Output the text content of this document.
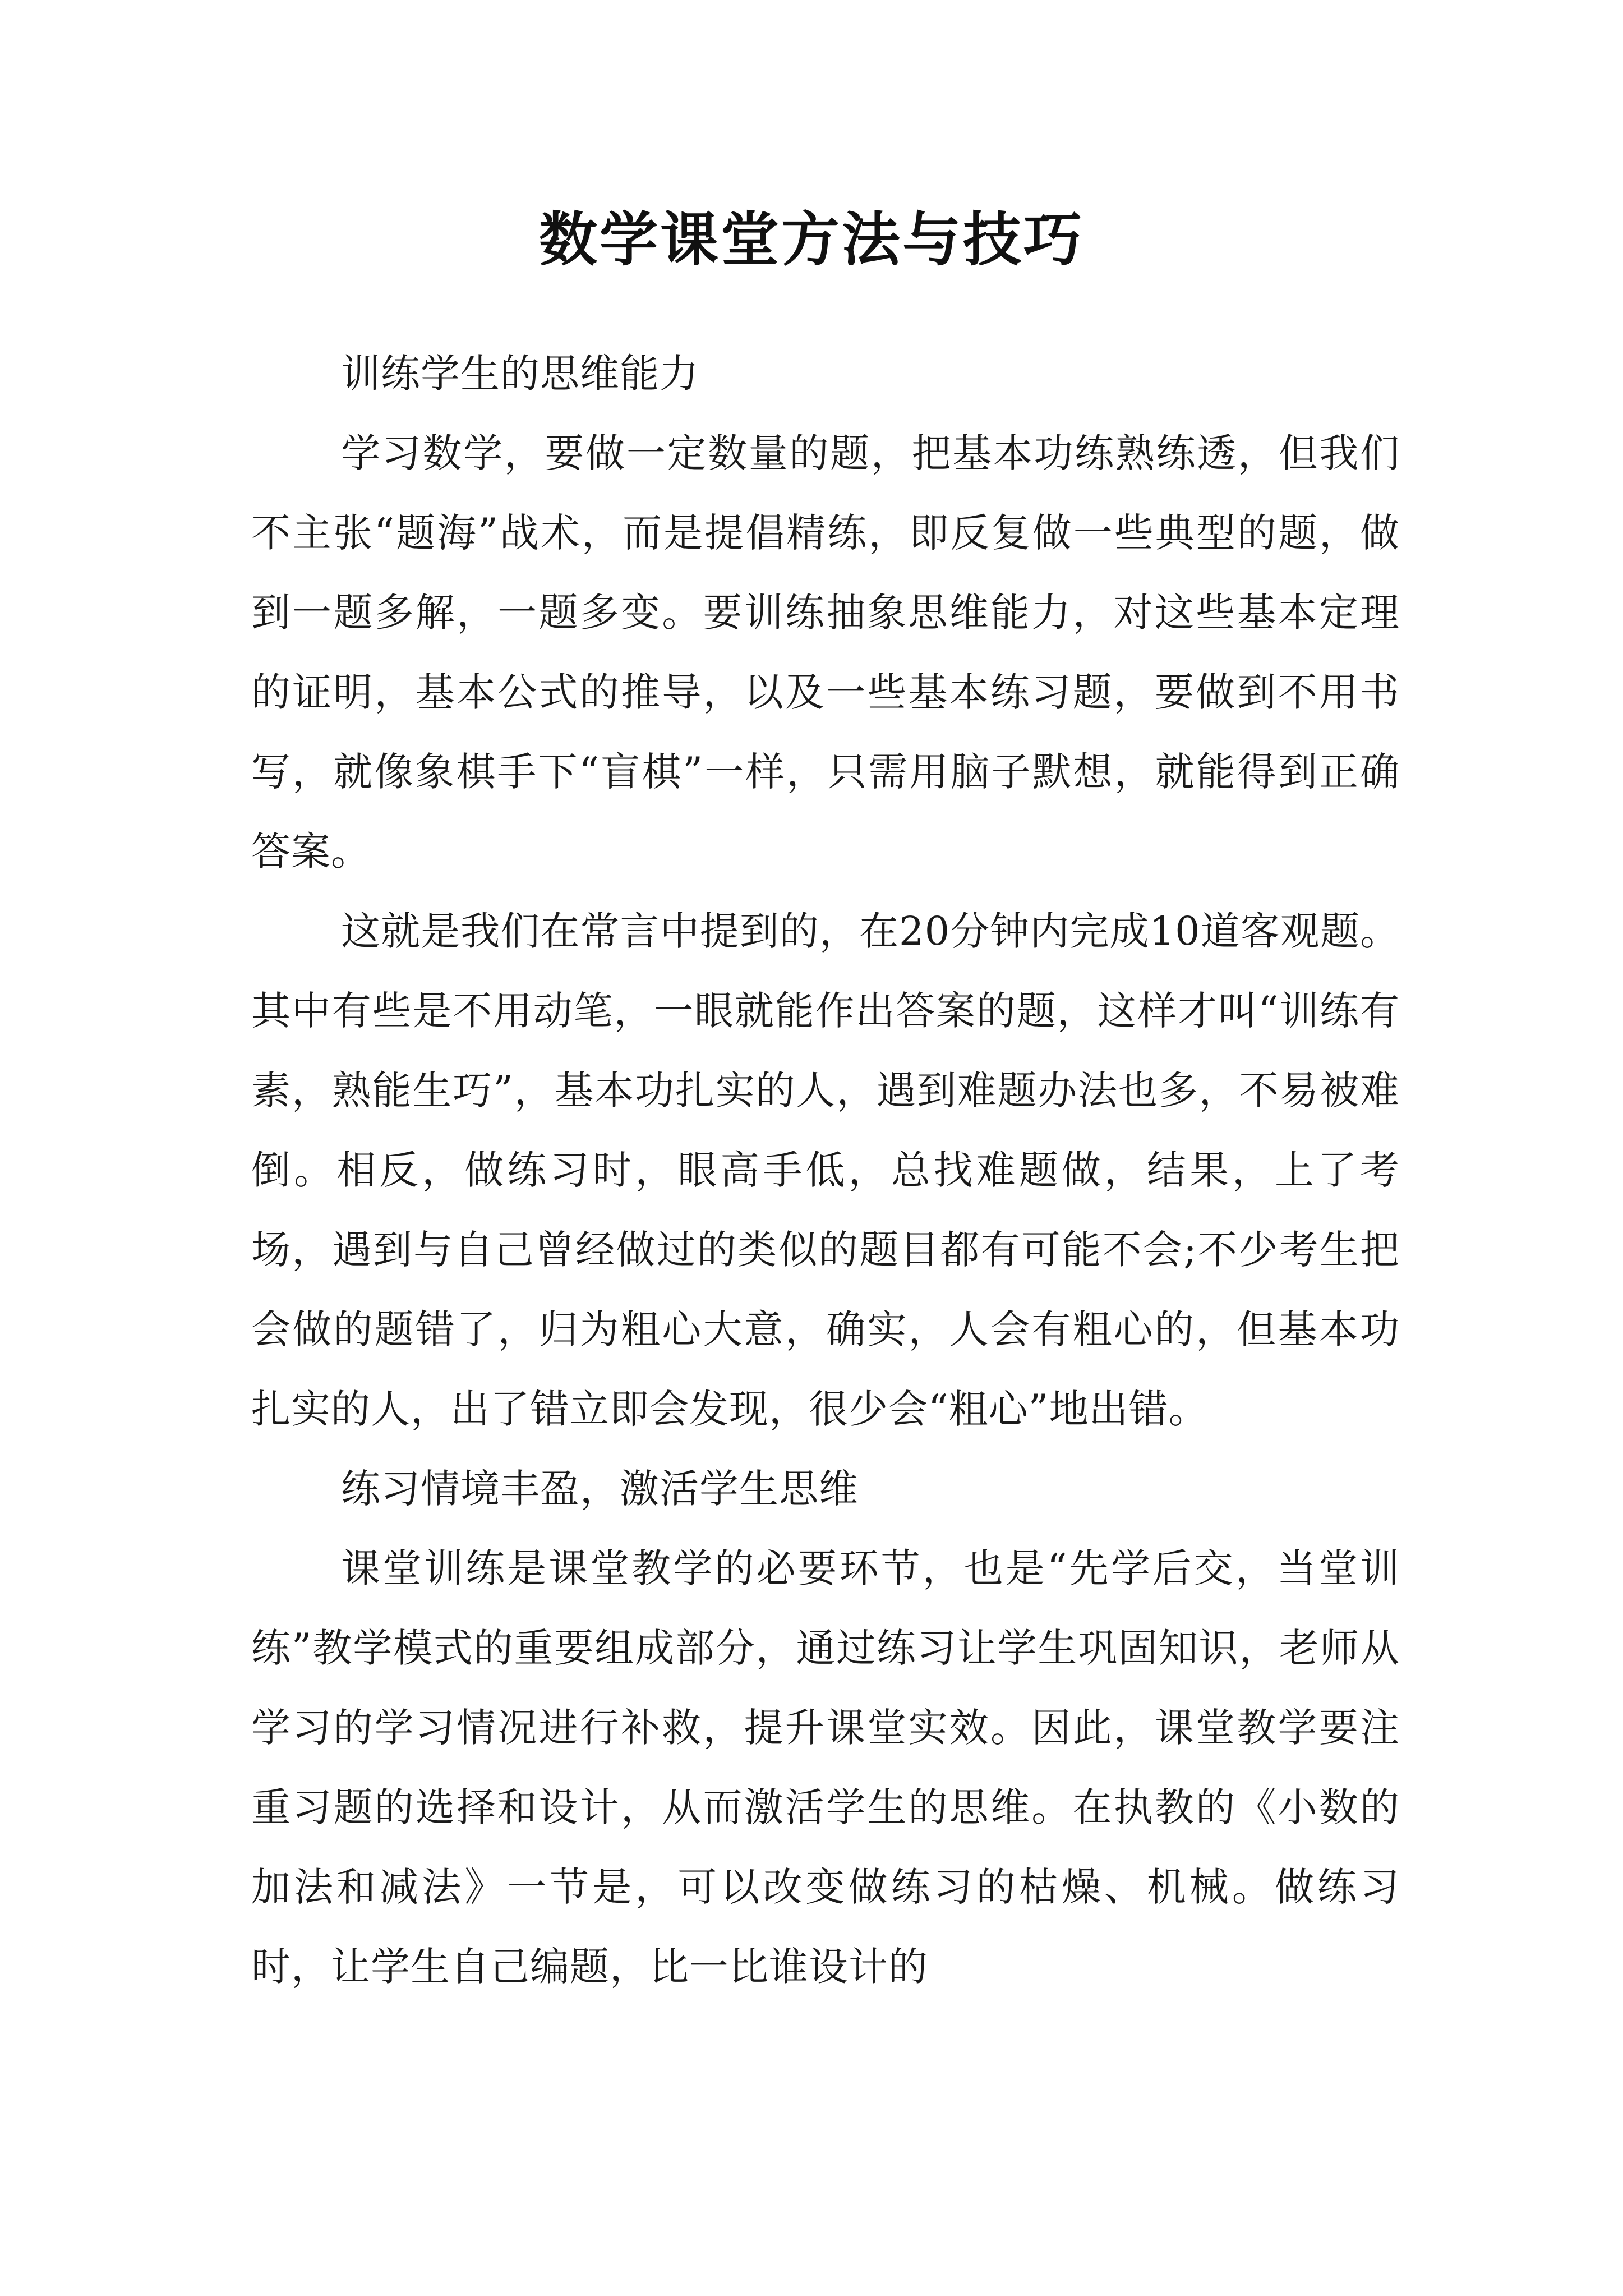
数学课堂方法与技巧

训练学生的思维能力

学习数学，要做一定数量的题，把基本功练熟练透，但我们不主张“题海”战术，而是提倡精练，即反复做一些典型的题，做到一题多解，一题多变。要训练抽象思维能力，对这些基本定理的证明，基本公式的推导，以及一些基本练习题，要做到不用书写，就像象棋手下“盲棋”一样，只需用脑子默想，就能得到正确答案。

这就是我们在常言中提到的，在20分钟内完成10道客观题。其中有些是不用动笔，一眼就能作出答案的题，这样才叫“训练有素，熟能生巧”，基本功扎实的人，遇到难题办法也多，不易被难倒。相反，做练习时，眼高手低，总找难题做，结果，上了考场，遇到与自己曾经做过的类似的题目都有可能不会;不少考生把会做的题错了，归为粗心大意，确实，人会有粗心的，但基本功扎实的人，出了错立即会发现，很少会“粗心”地出错。

练习情境丰盈，激活学生思维

课堂训练是课堂教学的必要环节，也是“先学后交，当堂训练”教学模式的重要组成部分，通过练习让学生巩固知识，老师从学习的学习情况进行补救，提升课堂实效。因此，课堂教学要注重习题的选择和设计，从而激活学生的思维。在执教的《小数的加法和减法》一节是，可以改变做练习的枯燥、机械。做练习时，让学生自己编题，比一比谁设计的
